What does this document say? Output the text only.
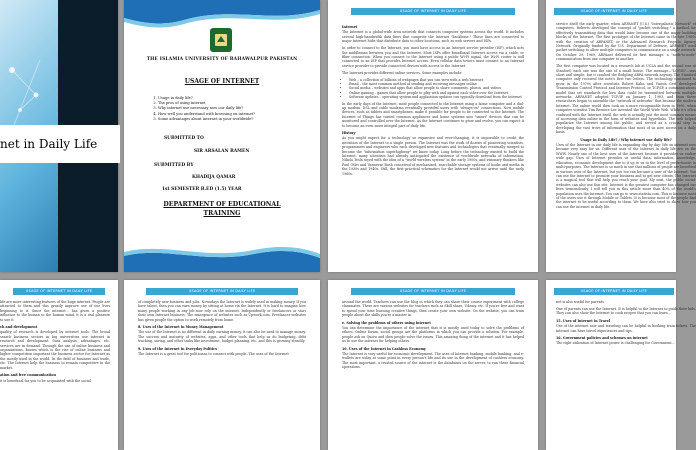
net in Daily Life
THE ISLAMIA UNIVERSITY OF BAHAWALPUR PAKISTAN
USAGE OF INTERNET
1. Usage in daily life?
2. The pros of using internet
3. Why internet use necessary now our daily life?
4. How well you understand with browsing on internet?
5. Some advantages about internet in your worldwide?
SUBMITTED TO
SIR ARSALAN RAMEN
SUBMITTED BY
KHADIJA QAMAR
1st SEMESTER B.ED (1.5) YEAR
DEPARTMENT OF EDUCATIONAL TRAINING
USAGE OF INTERNET IN DAILY LIFE

Internet

The Internet is a global-wide area network that connects computer systems across the world. It includes several high-bandwidth data lines that comprise the Internet "backbone." These lines are connected to major Internet hubs that distribute data to other locations, such as web servers and ISPs.

In order to connect to the Internet, you must have access to an Internet service provider (ISP), which acts the middleman between you and the Internet. Most ISPs offer broadband Internet access via a cable, or fiber connection. When you connect to the Internet using a public Wi-Fi signal, the Wi-Fi router is still connected to an ISP that provides Internet access. Even cellular data towers must connect to an Internet service provider to provide connected devices with access to the Internet.

The Internet provides different online services. Some examples include:

• Web – a collection of billions of webpages that you can view with a web browser
• Email – the most common method of sending and receiving messages online
• Social media – websites and apps that allow people to share comments, photos, and videos
• Online gaming – games that allow people to play with and against each other over the Internet
• Software updates – operating system and application updates can typically download from the Internet

In the early days of the Internet, most people connected to the Internet using a home computer and a dial-up modem. DSL and cable modems eventually provided users with "always-on" connections. Now mobile devices, such as tablets and smartphones, make it possible for people to be connected to the Internet. The Internet of Things has turned common appliances and home systems into "smart" devices that can be monitored and controlled over the Internet. As the Internet continues to grow and evolve, you can expect it to become an even more integral part of daily life.

History

As you might expect for a technology so expansive and ever-changing, it is impossible to credit the invention of the Internet to a single person. The Internet was the work of dozens of pioneering scientists, programmers and engineers who each developed new features and technologies that eventually merged to become the "information superhighway" we know today. Long before the technology existed to build the Internet, many scientists had already anticipated the existence of worldwide networks of information. Nikola Tesla toyed with the idea of a "world wireless system" in the early 1900s, and visionary thinkers like Paul Otlet and Vannevar Bush conceived of mechanized, searchable storage systems of books and media in the 1930s and 1940s. Still, the first practical schematics for the Internet would not arrive until the early 1960s.

USAGE OF INTERNET IN DAILY LIFE

service itself the early quarter, when ARPANET (U.S.) "Intergalactic Network" of computers, Roberts developed the concept of "packet switching," a method for effectively transmitting data that would later become one of the major building blocks of the Internet. The first prototype of the Internet came in the late 1960s with the creation of ARPANET, or the Advanced Research Projects Agency Network. Originally funded by the U.S. Department of Defense, ARPANET used packet switching to allow multiple computers to communicate on a single network. On October 29, 1969, ARPAnet delivered its first message: a "node-to-node" communication from one computer to another.

The first computer was located in a research lab at UCLA and the second was at Stanford; each one was the size of a small house. The message—"LOGIN"—was short and simple, but it crashed the fledgling ARPA network anyway. The Stanford computer only received the note's first two letters. The technology continued to grow in the 1970s after scientists Robert Kahn and Vinton Cerf developed Transmission Control Protocol and Internet Protocol, or TCP/IP, a communications model that set standards for how data could be transmitted between multiple networks. ARPANET adopted TCP/IP on January 1, 1983, and from there researchers began to assemble the "network of networks" that became the modern Internet. The online world then took on a more recognizable form in 1990, when computer scientist Tim Berners-Lee invented the World Wide Web. While it's often confused with the Internet itself, the web is actually just the most common means of accessing data online in the form of websites and hyperlinks. The web helped popularize the Internet among the public, and served as a crucial step in developing the vast trove of information that most of us now access on a daily basis.

Usage In Daily Life? / Why internet use daily life?

Uses of the Internet in our daily life is expanding day by day; life on internet now became very easy for us. Different uses of the Internet in daily life are on the WWW. Nearly one of the best uses of the Internet because it provides us earlier wide gap. Uses of Internet provides us useful data, information, knowledge, education, economic development due to it up to us to the level of perfectionist in multi-purposes. The Internet is so much in use that millions of people are benefited in various uses of the Internet, but you too can become a user of the Internet. You can use the Internet to promote your business and to get new clients. The Internet is a magical tool that will help you reach your goal. My next, the public social-websites can also use this site. Internet is the greatest computer has changed our lives tremendously, I will tell you in this article more than 40% of the world's population uses the Internet. You can go to www.statista.com. This is because most of the users use it through Mobile or Tablets. It is because most of the people find the internet to be useful according to them. We have also tried to show how you can use the internet in daily life.

USAGE OF INTERNET IN DAILY LIFE

life are more interesting features of the huge internet. People are attracted to them and this greatly improve use of our lives beginning to it. Since the internet... has given a positive influence to the human to the human mind, it is a real pleasure to use it.

ch and development

quality of research is developed by internet tools. The broad search business sectors in big universities use internet in research and development. Data analysis, advantages, etc. services are in demand. Through the use of online business and organizations, known which is the rise of online business and higher competition important the business sector for Internet as the mostly used in the world. In the field of business and trade, etc. The Internet help the business to remain competitive in the market.

ation and free communication

it is beneficial for you to be acquainted with the social

USAGE OF INTERNET IN DAILY LIFE

of completely new business and jobs. Nowadays the Internet is widely used in making money. If you have talent, then you can earn money by sitting at home via the Internet. It is hard to imagine how many people working in any job now rely on the internet. Independently or freelancers or start their own Internet business. The emergence of websites such as Upwork.com, Freelancer websites has given people the option to work remotely from home.

8. Uses of the Internet in Money Management

The use of the Internet is no different in daily earning money, it can also be used to manage money. The success and maturity of websites, apps, and other tools that help us do budgeting, debt tracking, saving, and other tasks like investment, budget planning, etc. and this is growing steadily.

9. Uses of the Internet in Everyday Politics

The Internet is a great tool for politicians to connect with people. The uses of the Internet

USAGE OF INTERNET IN DAILY LIFE

around the world. Teachers can use the blog in which they can share their course experiment with college classmates. There are various websites for teachers such as Skill share, Udemy, etc. If you're free and want to spend your time learning creative things, then create your own website. On the website, you can train people about the skills you're a master in.

e. Solving the problems of others using internet

You can determine the importance of the internet that it is mostly used today to solve the problems of others. Online forum, social groups are the platforms in which you can provide a solution. For example, people ask on Quora and then people solve the issues. This amazing thing of the internet and it has helped us to use the internet for helping others.

10. Uses of the Internet in Cashless Economy

The Internet is very useful for economic development. The uses of Internet banking, mobile banking, and e-wallets are today at some point in every person's life and its use in the development of cashless economy. The most important, a trusted source of the internet is the databases on the server, to run these financial operations.

USAGE OF INTERNET IN DAILY LIFE

net is also useful for parents

One of parents can use the Internet. It is helpful to the Internet to guide their kids. They can also show the Internet to cook recipes that you can learn...

15. Uses of Internet in Travel

Use of the internet now and traveling can be helpful in booking train tickets. The internet can have travel experiences and tips.

16. Government policies and schemes on internet

The right utilization of Internet power is challenging for Government...
